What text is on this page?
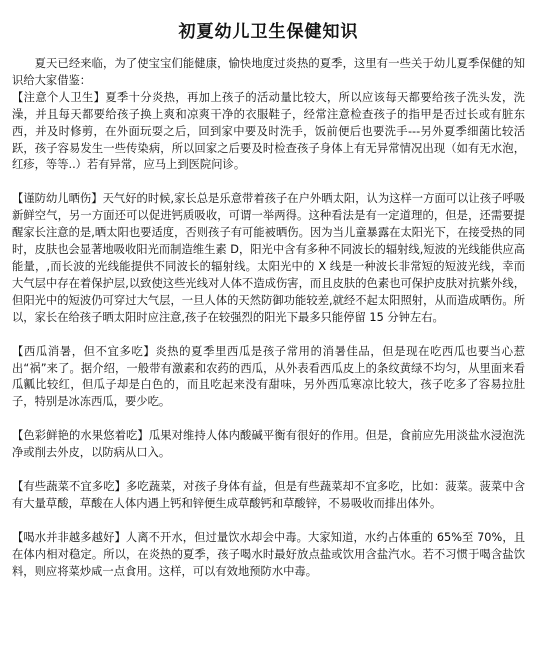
初夏幼儿卫生保健知识

夏天已经来临，为了使宝宝们能健康，愉快地度过炎热的夏季，这里有一些关于幼儿夏季保健的知识给大家借鉴：

【注意个人卫生】夏季十分炎热，再加上孩子的活动量比较大，所以应该每天都要给孩子洗头发，洗澡，并且每天都要给孩子换上爽和凉爽干净的衣服鞋子，经常注意检查孩子的指甲是否过长或有脏东西，并及时修剪，在外面玩耍之后，回到家中要及时洗手，饭前便后也要洗手---另外夏季细菌比较活跃，孩子容易发生一些传染病，所以回家之后要及时检查孩子身体上有无异常情况出现（如有无水泡，红疹，等等..）若有异常，应马上到医院问诊。

【谨防幼儿晒伤】天气好的时候,家长总是乐意带着孩子在户外晒太阳，认为这样一方面可以让孩子呼吸新鲜空气，另一方面还可以促进钙质吸收，可谓一举两得。这种看法是有一定道理的，但是，还需要提醒家长注意的是,晒太阳也要适度，否则孩子有可能被晒伤。因为当儿童暴露在太阳光下，在接受热的同时，皮肤也会显著地吸收阳光而制造维生素 D，阳光中含有多种不同波长的辐射线,短波的光线能供应高能量，,而长波的光线能提供不同波长的辐射线。太阳光中的 X 线是一种波长非常短的短波光线，幸而大气层中存在着保护层,以致使这些光线对人体不造成伤害，而且皮肤的色素也可保护皮肤对抗紫外线，但阳光中的短波仍可穿过大气层，一旦人体的天然防御功能较差,就经不起太阳照射，从而造成晒伤。所以，家长在给孩子晒太阳时应注意,孩子在较强烈的阳光下最多只能停留 15 分钟左右。

【西瓜消暑，但不宜多吃】炎热的夏季里西瓜是孩子常用的消暑佳品，但是现在吃西瓜也要当心惹出“祸”来了。据介绍，一般带有激素和农药的西瓜，从外表看西瓜皮上的条纹黄绿不均匀，从里面来看瓜瓤比较红，但瓜子却是白色的，而且吃起来没有甜味，另外西瓜寒凉比较大，孩子吃多了容易拉肚子，特别是冰冻西瓜，要少吃。

【色彩鲜艳的水果悠着吃】瓜果对维持人体内酸碱平衡有很好的作用。但是，食前应先用淡盐水浸泡洗净或削去外皮，以防病从口入。

【有些蔬菜不宜多吃】多吃蔬菜，对孩子身体有益，但是有些蔬菜却不宜多吃，比如：菠菜。菠菜中含有大量草酸，草酸在人体内遇上钙和锌便生成草酸钙和草酸锌，不易吸收而排出体外。

【喝水并非越多越好】人离不开水，但过量饮水却会中毒。大家知道，水约占体重的 65%至 70%，且在体内相对稳定。所以，在炎热的夏季，孩子喝水时最好放点盐或饮用含盐汽水。若不习惯于喝含盐饮料，则应将菜炒咸一点食用。这样，可以有效地预防水中毒。
